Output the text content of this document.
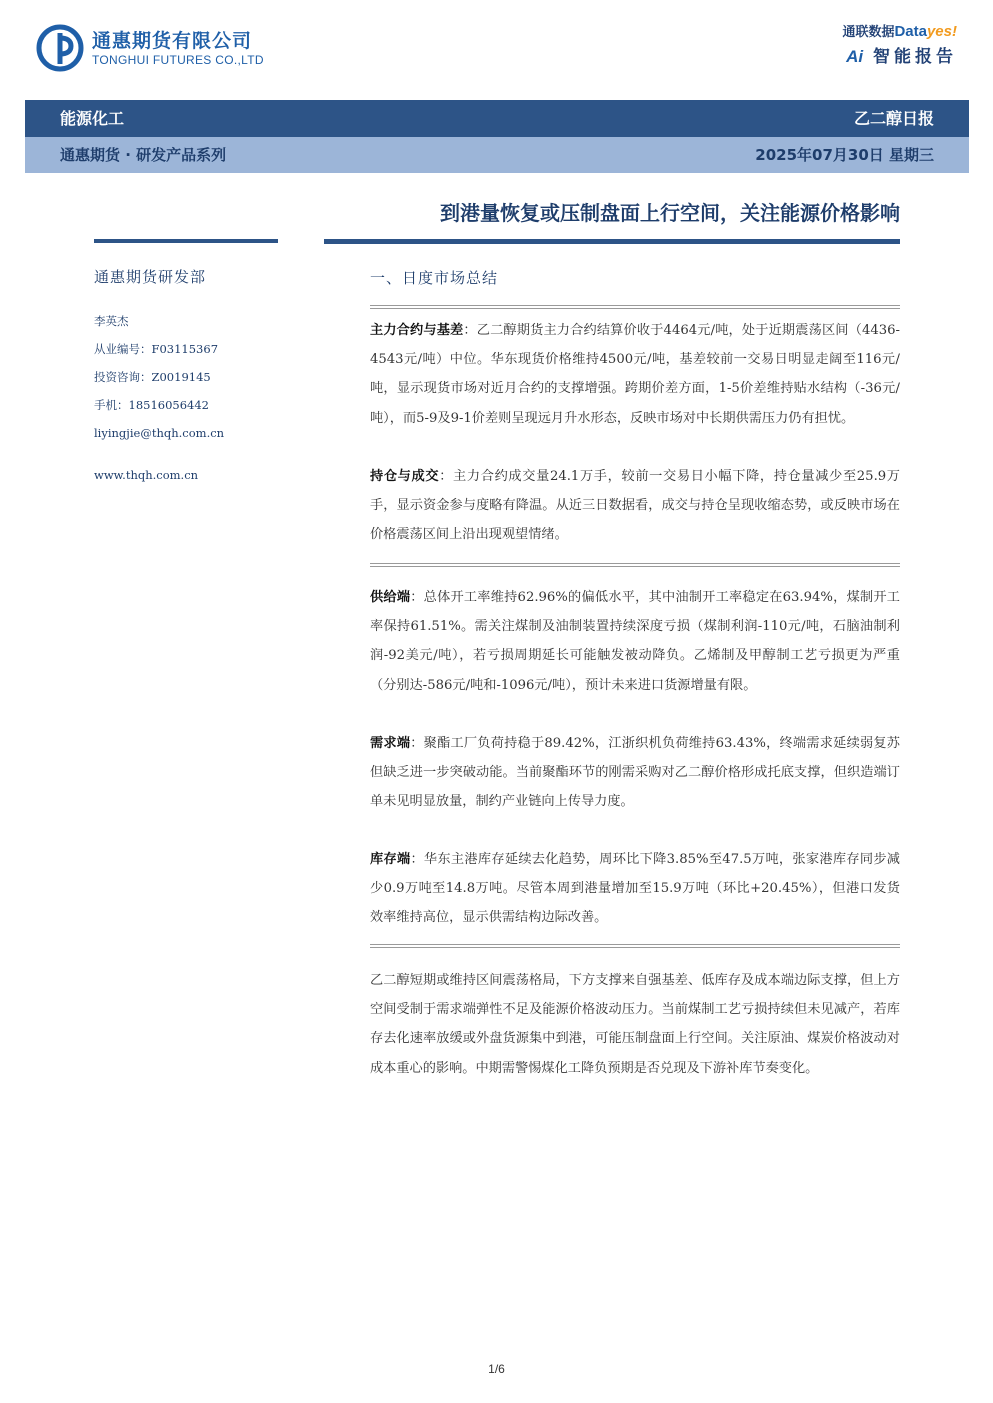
通惠期货有限公司
TONGHUI FUTURES CO.,LTD
通联数据Datayes!
Ai 智能报告
能源化工	乙二醇日报
通惠期货 · 研发产品系列	2025年07月30日 星期三
到港量恢复或压制盘面上行空间，关注能源价格影响
通惠期货研发部
李英杰
从业编号：F03115367
投资咨询：Z0019145
手机：18516056442
liyingjie@thqh.com.cn
www.thqh.com.cn
一、日度市场总结
主力合约与基差：乙二醇期货主力合约结算价收于4464元/吨，处于近期震荡区间（4436-4543元/吨）中位。华东现货价格维持4500元/吨，基差较前一交易日明显走阔至116元/吨，显示现货市场对近月合约的支撑增强。跨期价差方面，1-5价差维持贴水结构（-36元/吨），而5-9及9-1价差则呈现远月升水形态，反映市场对中长期供需压力仍有担忧。
持仓与成交：主力合约成交量24.1万手，较前一交易日小幅下降，持仓量减少至25.9万手，显示资金参与度略有降温。从近三日数据看，成交与持仓呈现收缩态势，或反映市场在价格震荡区间上沿出现观望情绪。
供给端：总体开工率维持62.96%的偏低水平，其中油制开工率稳定在63.94%，煤制开工率保持61.51%。需关注煤制及油制装置持续深度亏损（煤制利润-110元/吨，石脑油制利润-92美元/吨），若亏损周期延长可能触发被动降负。乙烯制及甲醇制工艺亏损更为严重（分别达-586元/吨和-1096元/吨），预计未来进口货源增量有限。
需求端：聚酯工厂负荷持稳于89.42%，江浙织机负荷维持63.43%，终端需求延续弱复苏但缺乏进一步突破动能。当前聚酯环节的刚需采购对乙二醇价格形成托底支撑，但织造端订单未见明显放量，制约产业链向上传导力度。
库存端：华东主港库存延续去化趋势，周环比下降3.85%至47.5万吨，张家港库存同步减少0.9万吨至14.8万吨。尽管本周到港量增加至15.9万吨（环比+20.45%），但港口发货效率维持高位，显示供需结构边际改善。
乙二醇短期或维持区间震荡格局，下方支撑来自强基差、低库存及成本端边际支撑，但上方空间受制于需求端弹性不足及能源价格波动压力。当前煤制工艺亏损持续但未见减产，若库存去化速率放缓或外盘货源集中到港，可能压制盘面上行空间。关注原油、煤炭价格波动对成本重心的影响。中期需警惕煤化工降负预期是否兑现及下游补库节奏变化。
1/6
